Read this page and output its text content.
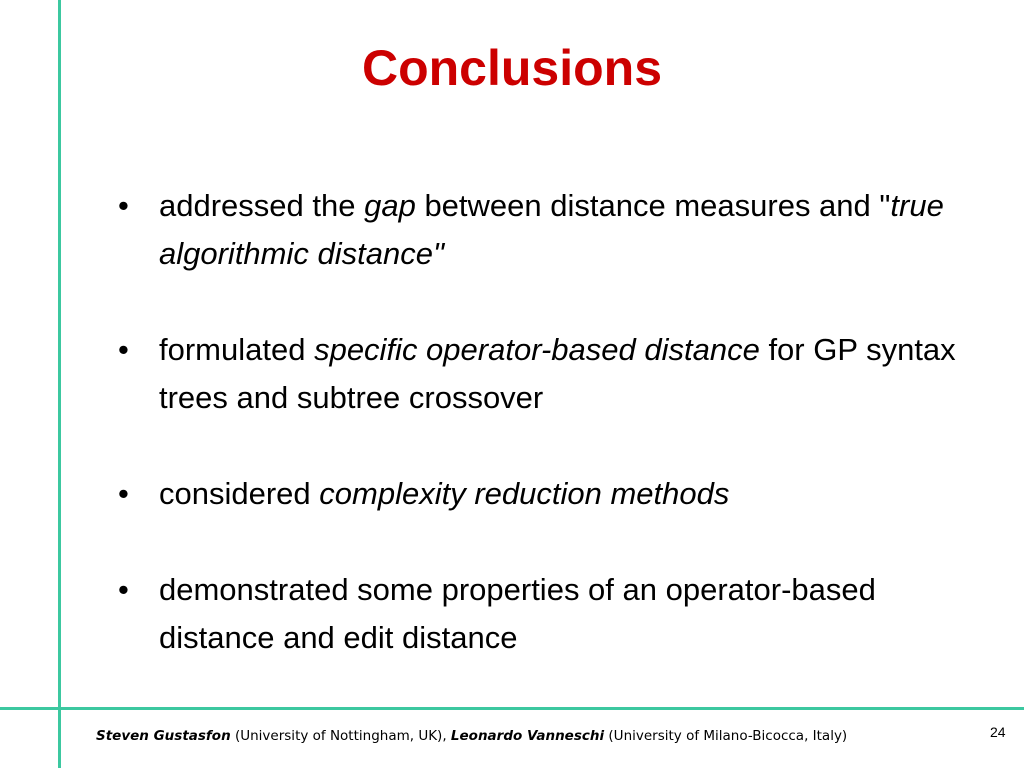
Conclusions
• addressed the gap between distance measures and "true algorithmic distance"
• formulated specific operator-based distance for GP syntax trees and subtree crossover
• considered complexity reduction methods
• demonstrated some properties of an operator-based distance and edit distance
Steven Gustasfon (University of Nottingham, UK), Leonardo Vanneschi (University of Milano-Bicocca, Italy)	24
